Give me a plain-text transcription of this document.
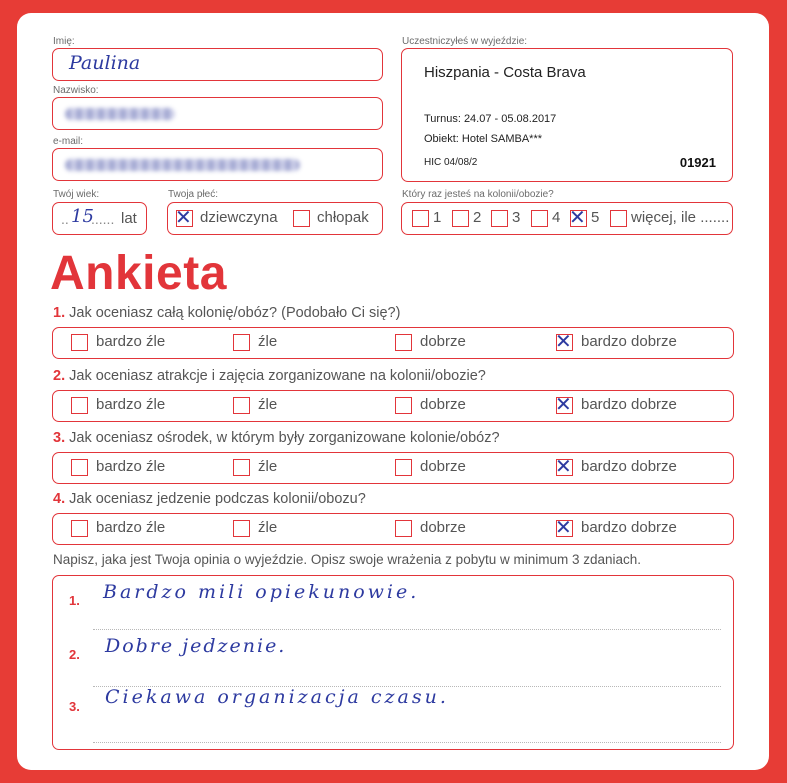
Imię:
Paulina
Nazwisko:
e-mail:
Twój wiek:
.. 15
...... lat
Twoja płeć:
✕ dziewczyna	chłopak
Uczestniczyłeś w wyjeździe:
Hiszpania - Costa Brava
Turnus: 24.07 - 05.08.2017
Obiekt: Hotel SAMBA***
HIC 04/08/2	01921
Który raz jesteś na kolonii/obozie?
1 2 3 4 ✕ 5 więcej, ile .......
Ankieta
1. Jak oceniasz całą kolonię/obóz? (Podobało Ci się?)
bardzo źle	źle	dobrze	✕ bardzo dobrze
2. Jak oceniasz atrakcje i zajęcia zorganizowane na kolonii/obozie?
bardzo źle	źle	dobrze	✕ bardzo dobrze
3. Jak oceniasz ośrodek, w którym były zorganizowane kolonie/obóz?
bardzo źle	źle	dobrze	✕ bardzo dobrze
4. Jak oceniasz jedzenie podczas kolonii/obozu?
bardzo źle	źle	dobrze	✕ bardzo dobrze
Napisz, jaka jest Twoja opinia o wyjeździe. Opisz swoje wrażenia z pobytu w minimum 3 zdaniach.
1. Bardzo mili opiekunowie.
2. Dobre jedzenie.
3. Ciekawa organizacja czasu.
